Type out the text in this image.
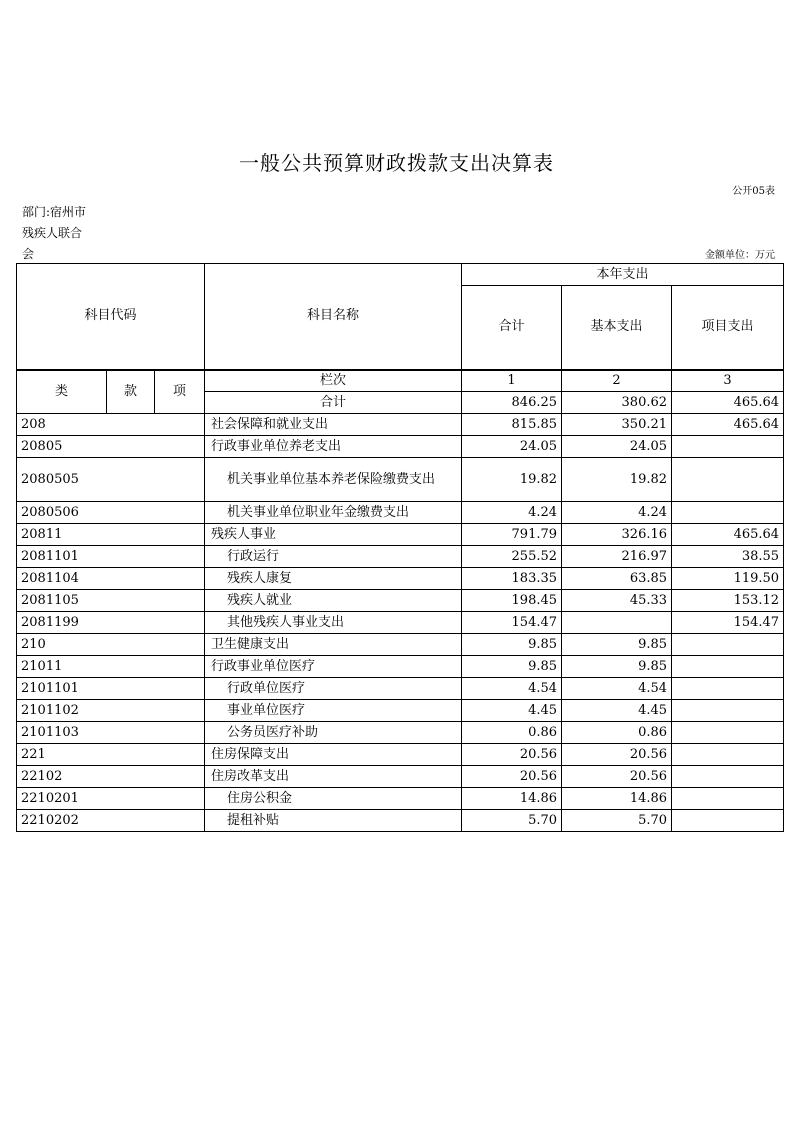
一般公共预算财政拨款支出决算表
公开05表
部门:宿州市
残疾人联合
会	金额单位：万元
科目代码			科目名称	本年支出		
				合计	基本支出	项目支出
类	款	项	栏次	1	2	3
			合计	846.25	380.62	465.64
208			社会保障和就业支出	815.85	350.21	465.64
20805			行政事业单位养老支出	24.05	24.05	
2080505			机关事业单位基本养老保险缴费支出	19.82	19.82	
2080506			机关事业单位职业年金缴费支出	4.24	4.24	
20811			残疾人事业	791.79	326.16	465.64
2081101			行政运行	255.52	216.97	38.55
2081104			残疾人康复	183.35	63.85	119.50
2081105			残疾人就业	198.45	45.33	153.12
2081199			其他残疾人事业支出	154.47		154.47
210			卫生健康支出	9.85	9.85	
21011			行政事业单位医疗	9.85	9.85	
2101101			行政单位医疗	4.54	4.54	
2101102			事业单位医疗	4.45	4.45	
2101103			公务员医疗补助	0.86	0.86	
221			住房保障支出	20.56	20.56	
22102			住房改革支出	20.56	20.56	
2210201			住房公积金	14.86	14.86	
2210202			提租补贴	5.70	5.70	
